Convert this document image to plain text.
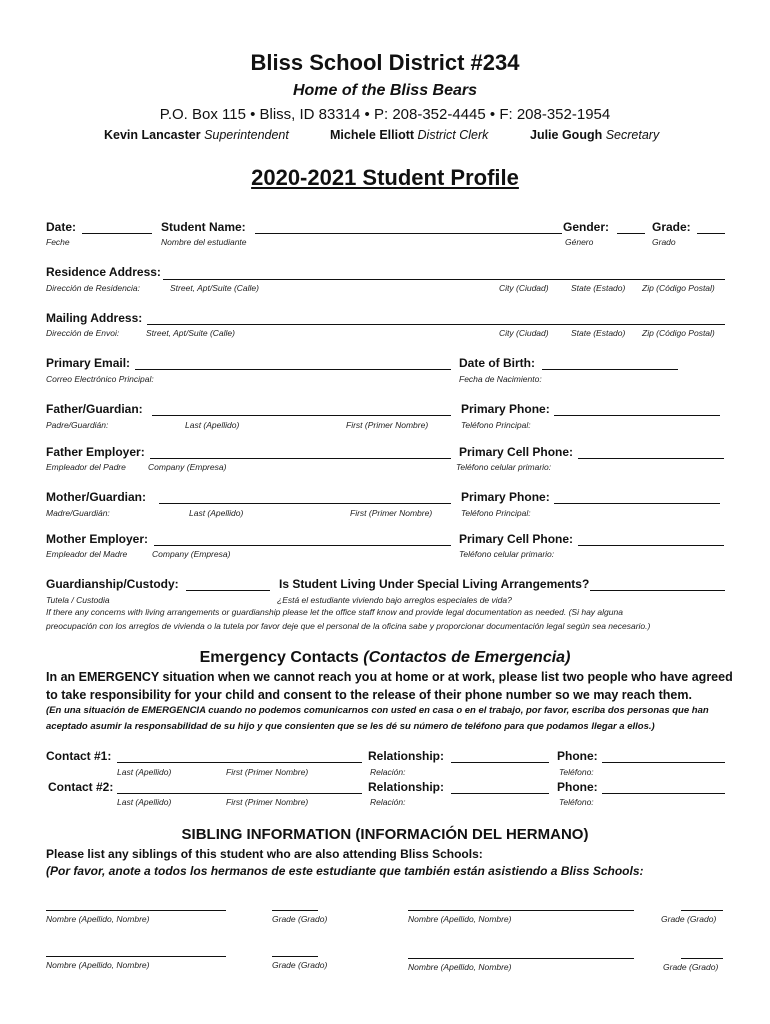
Bliss School District #234
Home of the Bliss Bears
P.O. Box 115 • Bliss, ID 83314 • P: 208-352-4445 • F: 208-352-1954
Kevin Lancaster Superintendent	Michele Elliott District Clerk	Julie Gough Secretary
2020-2021 Student Profile
Date:
Feche
Student Name:
Nombre del estudiante
Gender:
Género
Grade:
Grado
Residence Address:
Dirección de Residencia:	Street, Apt/Suite (Calle)	City (Ciudad)	State (Estado) Zip (Código Postal)
Mailing Address:
Dirección de Envoi:	Street, Apt/Suite (Calle)	City (Ciudad)	State (Estado) Zip (Código Postal)
Primary Email:
Correo Electrónico Principal:
Date of Birth:
Fecha de Nacimiento:
Father/Guardian:
Padre/Guardián:	Last (Apellido)	First (Primer Nombre)
Primary Phone:
Teléfono Principal:
Father Employer:
Empleador del Padre	Company (Empresa)
Primary Cell Phone:
Teléfono celular primario:
Mother/Guardian:
Madre/Guardián:	Last (Apellido)	First (Primer Nombre)
Primary Phone:
Teléfono Principal:
Mother Employer:
Empleador del Madre	Company (Empresa)
Primary Cell Phone:
Teléfono celular primario:
Guardianship/Custody:
Tutela / Custodia
Is Student Living Under Special Living Arrangements?
¿Está el estudiante viviendo bajo arreglos especiales de vida?
If there any concerns with living arrangements or guardianship please let the office staff know and provide legal documentation as needed. (Si hay alguna
preocupación con los arreglos de vivienda o la tutela por favor deje que el personal de la oficina sabe y proporcionar documentación legal según sea necesario.)
Emergency Contacts (Contactos de Emergencia)
In an EMERGENCY situation when we cannot reach you at home or at work, please list two people who have agreed
to take responsibility for your child and consent to the release of their phone number so we may reach them.
(En una situación de EMERGENCIA cuando no podemos comunicarnos con usted en casa o en el trabajo, por favor, escriba dos personas que han
aceptado asumir la responsabilidad de su hijo y que consienten que se les dé su número de teléfono para que podamos llegar a ellos.)
Contact #1:
Last (Apellido)	First (Primer Nombre)
Relationship:
Relación:
Phone:
Teléfono:
Contact #2:
Last (Apellido)	First (Primer Nombre)
Relationship:
Relación:
Phone:
Teléfono:
SIBLING INFORMATION (INFORMACIÓN DEL HERMANO)
Please list any siblings of this student who are also attending Bliss Schools:
(Por favor, anote a todos los hermanos de este estudiante que también están asistiendo a Bliss Schools:
Nombre (Apellido, Nombre)	Grade (Grado)	Nombre (Apellido, Nombre)	Grade (Grado)
Nombre (Apellido, Nombre)	Grade (Grado)	Nombre (Apellido, Nombre)	Grade (Grado)
